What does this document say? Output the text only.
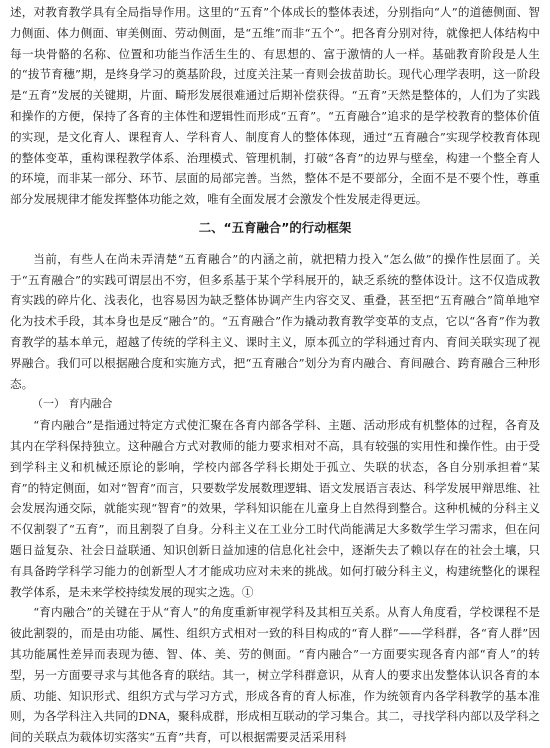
述，对教育教学具有全局指导作用。这里的“五育”个体成长的整体表述，分别指向“人”的道德侧面、智力侧面、体力侧面、审美侧面、劳动侧面，是“五维”而非“五个”。把各育分别对待，就像把人体结构中每一块骨骼的名称、位置和功能当作活生生的、有思想的、富于激情的人一样。基础教育阶段是人生的“拔节育穗”期，是终身学习的奠基阶段，过度关注某一育则会拔苗助长。现代心理学表明，这一阶段是“五育”发展的关键期，片面、畸形发展很难通过后期补偿获得。“五育”天然是整体的，人们为了实践和操作的方便，保持了各育的主体性和逻辑性而形成“五育”。“五育融合”追求的是学校教育的整体价值的实现，是文化育人、课程育人、学科育人、制度育人的整体体现，通过“五育融合”实现学校教育体现的整体变革，重构课程教学体系、治理模式、管理机制，打破“各育”的边界与壁垒，构建一个整全育人的环境，而非某一部分、环节、层面的局部完善。当然，整体不是不要部分，全面不是不要个性，尊重部分发展规律才能发挥整体功能之效，唯有全面发展才会激发个性发展走得更远。

二、“五育融合”的行动框架

当前，有些人在尚未弄清楚“五育融合”的内涵之前，就把精力投入“怎么做”的操作性层面了。关于“五育融合”的实践可谓层出不穷，但多系基于某个学科展开的，缺乏系统的整体设计。这不仅造成教育实践的碎片化、浅表化，也容易因为缺乏整体协调产生内容交叉、重叠，甚至把“五育融合”简单地窄化为技术手段，其本身也是反“融合”的。“五育融合”作为撬动教育教学变革的支点，它以“各育”作为教育教学的基本单元，超越了传统的学科主义、课时主义，原本孤立的学科通过育内、育间关联实现了视界融合。我们可以根据融合度和实施方式，把“五育融合”划分为育内融合、育间融合、跨育融合三种形态。

（一） 育内融合

“育内融合”是指通过特定方式使汇聚在各育内部各学科、主题、活动形成有机整体的过程，各育及其内在学科保持独立。这种融合方式对教师的能力要求相对不高，具有较强的实用性和操作性。由于受到学科主义和机械还原论的影响，学校内部各学科长期处于孤立、失联的状态，各自分别承担着“某育”的特定侧面，如对“智育”而言，只要数学发展数理逻辑、语文发展语言表达、科学发展甲辩思维、社会发展沟通交际，就能实现“智育”的效果，学科知识能在儿童身上自然得到整合。这种机械的分科主义不仅割裂了“五育”，而且割裂了自身。分科主义在工业分工时代尚能满足大多数学生学习需求，但在问题日益复杂、社会日益联通、知识创新日益加速的信息化社会中，逐渐失去了赖以存在的社会土壤，只有具备跨学科学习能力的创新型人才才能成功应对未来的挑战。如何打破分科主义，构建统整化的课程教学体系，是未来学校持续发展的现实之选。①

“育内融合”的关键在于从“育人”的角度重新审视学科及其相互关系。从育人角度看，学校课程不是彼此割裂的，而是由功能、属性、组织方式相对一致的科目构成的“育人群”——学科群，各“育人群”因其功能属性差异而表现为德、智、体、美、劳的侧面。“育内融合”一方面要实现各育内部“育人”的转型，另一方面要寻求与其他各育的联结。其一，树立学科群意识，从育人的要求出发整体认识各育的本质、功能、知识形式、组织方式与学习方式，形成各育的育人标准，作为统领育内各学科教学的基本准则，为各学科注入共同的DNA，聚科成群，形成相互联动的学习集合。其二，寻找学科内部以及学科之间的关联点为载体切实落实“五育”共育，可以根据需要灵活采用科
